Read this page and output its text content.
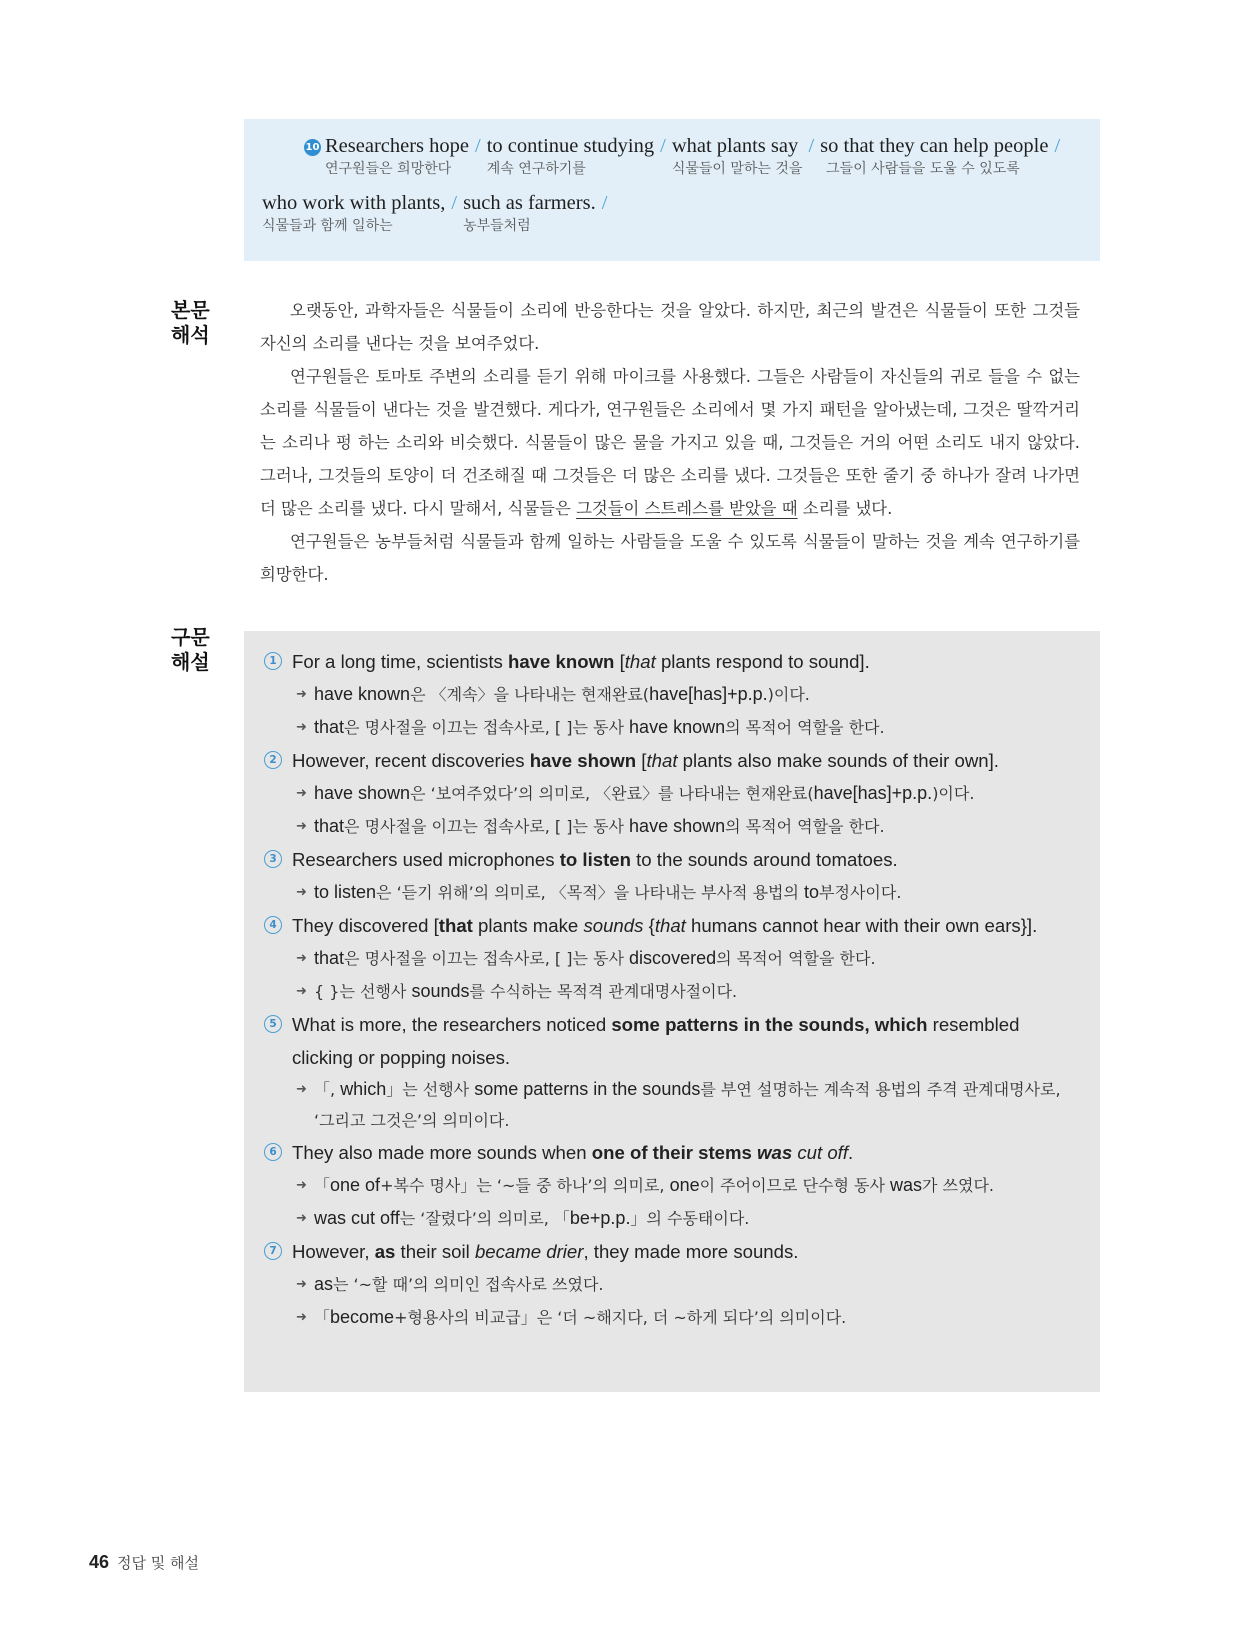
10 Researchers hope
연구원들은 희망한다
/ to continue studying
계속 연구하기를
/ what plants say
식물들이 말하는 것을
/ so that they can help people
그들이 사람들을 도울 수 있도록
/
who work with plants,
식물들과 함께 일하는
/ such as farmers.
농부들처럼
/
본문
해석

오랫동안, 과학자들은 식물들이 소리에 반응한다는 것을 알았다. 하지만, 최근의 발견은 식물들이 또한 그것들 자신의 소리를 낸다는 것을 보여주었다.

연구원들은 토마토 주변의 소리를 듣기 위해 마이크를 사용했다. 그들은 사람들이 자신들의 귀로 들을 수 없는 소리를 식물들이 낸다는 것을 발견했다. 게다가, 연구원들은 소리에서 몇 가지 패턴을 알아냈는데, 그것은 딸깍거리는 소리나 펑 하는 소리와 비슷했다. 식물들이 많은 물을 가지고 있을 때, 그것들은 거의 어떤 소리도 내지 않았다. 그러나, 그것들의 토양이 더 건조해질 때 그것들은 더 많은 소리를 냈다. 그것들은 또한 줄기 중 하나가 잘려 나가면 더 많은 소리를 냈다. 다시 말해서, 식물들은 그것들이 스트레스를 받았을 때 소리를 냈다.

연구원들은 농부들처럼 식물들과 함께 일하는 사람들을 도울 수 있도록 식물들이 말하는 것을 계속 연구하기를 희망한다.

구문
해설	1 For a long time, scientists have known [that plants respond to sound].
➜ have known은 〈계속〉을 나타내는 현재완료(have[has]+p.p.)이다.
➜ that은 명사절을 이끄는 접속사로, [ ]는 동사 have known의 목적어 역할을 한다.
2 However, recent discoveries have shown [that plants also make sounds of their own].
➜ have shown은 ‘보여주었다’의 의미로, 〈완료〉를 나타내는 현재완료(have[has]+p.p.)이다.
➜ that은 명사절을 이끄는 접속사로, [ ]는 동사 have shown의 목적어 역할을 한다.
3 Researchers used microphones to listen to the sounds around tomatoes.
➜ to listen은 ‘듣기 위해’의 의미로, 〈목적〉을 나타내는 부사적 용법의 to부정사이다.
4 They discovered [that plants make sounds {that humans cannot hear with their own ears}].
➜ that은 명사절을 이끄는 접속사로, [ ]는 동사 discovered의 목적어 역할을 한다.
➜ { }는 선행사 sounds를 수식하는 목적격 관계대명사절이다.
5 What is more, the researchers noticed some patterns in the sounds, which resembled clicking or popping noises.
➜ 「, which」는 선행사 some patterns in the sounds를 부연 설명하는 계속적 용법의 주격 관계대명사로, ‘그리고 그것은’의 의미이다.
6 They also made more sounds when one of their stems was cut off.
➜ 「one of+복수 명사」는 ‘~들 중 하나’의 의미로, one이 주어이므로 단수형 동사 was가 쓰였다.
➜ was cut off는 ‘잘렸다’의 의미로, 「be+p.p.」의 수동태이다.
7 However, as their soil became drier, they made more sounds.
➜ as는 ‘~할 때’의 의미인 접속사로 쓰였다.
➜ 「become+형용사의 비교급」은 ‘더 ~해지다, 더 ~하게 되다’의 의미이다.
46 정답 및 해설
